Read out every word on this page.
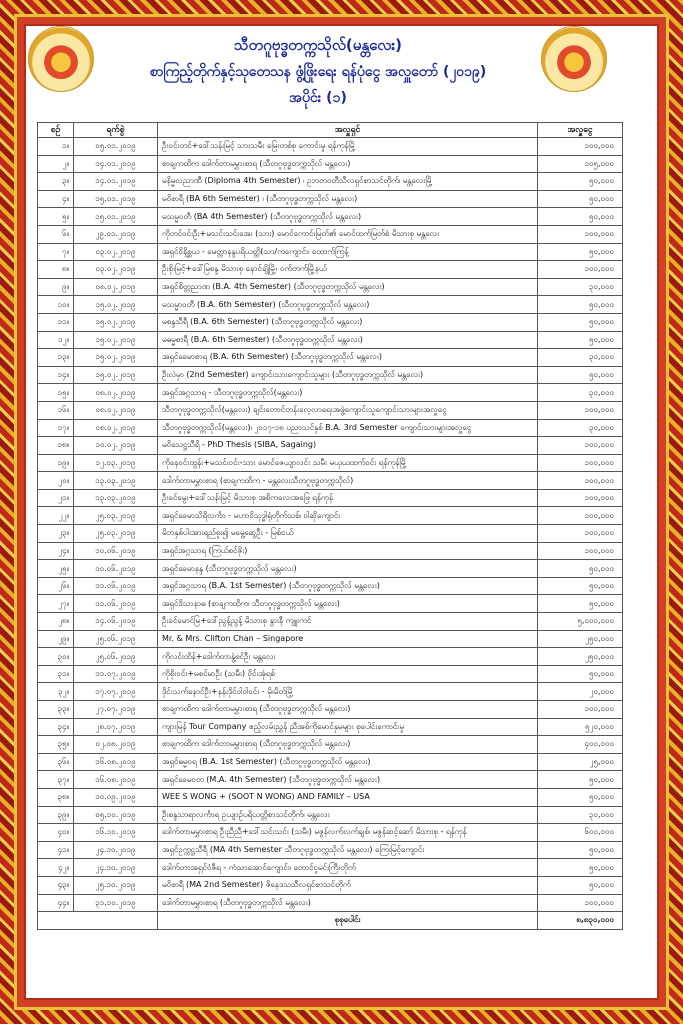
သီတဂူဗုဒ္ဓတက္ကသိုလ်(မန္တလေး)
စာကြည့်တိုက်နှင့်သုတေသန ဖွံ့ဖြိုးရေး ရန်ပုံငွေ အလှူတော် (၂၀၁၉)
အပိုင်း (၁)
စဉ်	ရက်စွဲ	အလှူရှင်	အလှူငွေ
၁။	၀၅.၀၁.၂၀၁၉	ဦးဝင်းတင်+ဒေါ်သန်းမြင့် သားသမီး မြေးတစ်စု ကောင်းမှု ရန်ကုန်မြို့	၁၀၀,၀၀၀
၂။	၁၄.၀၁.၂၀၁၉	စာချကထိက ဒေါက်တာမမွှားစာရ (သီတဂူဗုဒ္ဓတက္ကသိုလ် မန္တလေး)	၁၀၅,၀၀၀
၃။	၁၄.၀၁.၂၀၁၉	မနိမ္မလညာဏီ (Diploma 4th Semester) ၊ ဥဘတ၀တီသီလရှင်စာသင်တိုက်၊ မန္တလေးမြို့	၅၀,၀၀၀
၄။	၁၅.၀၁.၂၀၁၉	မဝိစာရီ (BA 6th Semester) ၊ (သီတဂူဗုဒ္ဓတက္ကသိုလ် မန္တလေး)	၅၀,၀၀၀
၅။	၁၅.၀၁.၂၀၁၉	မသမ္မဝတီ (BA 4th Semester) (သီတဂူဗုဒ္ဓတက္ကသိုလ် မန္တလေး)	၅၀,၀၀၀
၆။	၂၉.၀၁.၂၀၁၉	ကိုတင်ဝင်းဦး+မသင်းသင်းအေး (သား) မောင်ကောင်းမြတ်၏ မောင်ထက်မြတ်စံ မိသားစု မန္တလေး	၁၀၀,၀၀၀
၇။	၀၃.၀၂.၂၀၁၉	အရှင်ဝိနိစ္ဆယ - မေတ္တာနန္ဒပရိယတ္တိ(သာ/ကကျောင်း၊ ထောက်ကြန့်	၅၀,၀၀၀
၈။	၀၃.၀၂.၂၀၁၉	ဦးစိုးမြင့်+ဒေါ်မြစန္ဒ မိသားစု နောင်ချိုမြို့၊ ဝက်တက်မြို့နယ်	၁၀၀,၀၀၀
၉။	၀၈.၀၂.၂၀၁၉	အရှင်စိတ္တညာဏ (B.A. 4th Semester) (သီတဂူဗုဒ္ဓတက္ကသိုလ် မန္တလေး)	၃၀,၀၀၀
၁၀။	၁၅.၀၂.၂၀၁၉	မသမ္မာဝတီ (B.A. 6th Semester) (သီတဂူဗုဒ္ဓတက္ကသိုလ် မန္တလေး)	၅၀,၀၀၀
၁၁။	၁၅.၀၂.၂၀၁၉	မစန္ဒသီရီ (B.A. 6th Semester) (သီတဂူဗုဒ္ဓတက္ကသိုလ် မန္တလေး)	၅၀,၀၀၀
၁၂။	၁၅.၀၂.၂၀၁၉	မဓမ္မစာရီ (B.A. 6th Semester) (သီတဂူဗုဒ္ဓတက္ကသိုလ် မန္တလေး)	၅၀,၀၀၀
၁၃။	၁၅.၀၂.၂၀၁၉	အရှင်ခေမာစာရ (B.A. 6th Semester) (သီတဂူဗုဒ္ဓတက္ကသိုလ် မန္တလေး)	၃၀,၀၀၀
၁၄။	၁၅.၀၂.၂၀၁၉	ဦးလဲမှာ (2nd Semester) ကျောင်းသားကျောင်းသူများ (သီတဂူဗုဒ္ဓတက္ကသိုလ် မန္တလေး)	၅၀,၀၀၀
၁၅။	၀၈.၀၂.၂၀၁၉	အရှင်အဂ္ဂသာရ - သီတဂူဗုဒ္ဓတက္ကသိုလ်(မန္တလေး)	၃၀,၀၀၀
၁၆။	၀၈.၀၂.၂၀၁၉	သီတဂူဗုဒ္ဓတက္ကသိုလ်(မန္တလေး) ချင်းတောင်တန်းလေ့လာရေးအဖွဲ့ကျောင်းသူကျောင်းသားများအလှူငွေ	၁၀၀,၀၀၀
၁၇။	၀၈.၀၂.၂၀၁၉	သီတဂူဗုဒ္ဓတက္ကသိုလ်(မန္တလေး)၊ ၂၀၁၇-၁၈ ပညာသင်နှစ် B.A. 3rd Semester ကျောင်းသားများအလှူငွေ	၃၀,၀၀၀
၁၈။	၁၀.၀၂.၂၀၁၉	မဝိသေဋ္ဌသီရိ - PhD Thesis (SIBA, Sagaing)	၁၀၀,၀၀၀
၁၉။	၁၂.၀၃.၂၀၁၉	ကိုနေဝင်းထွန်း+မသင်းဝင်း-သား မောင်ဇေယျာလင်း သမီး မယုယထက်ဝင်း ရန်ကုန်မြို့	၁၀၀,၀၀၀
၂၀။	၁၃.၀၃.၂၀၁၉	ဒေါက်တာမမွှားစာရ (စာချကထိက - မန္တလေးသီတဂူဗုဒ္ဓတက္ကသိုလ်)	၁၀၀,၀၀၀
၂၁။	၁၃.၀၃.၂၀၁၉	ဦးခင်မွေး+ဒေါ်သန်းမြင့် မိသားစု အစိကလေးအဖြေ ရန်ကုန်	၁၀၀,၀၀၀
၂၂။	၂၅.၀၃.၂၀၁၉	အရှင်ခေမာသိရိလင်္ကာ - မဟာဝိသုဒ္ဓါရုံတိုက်သစ်၊ ဝါဆိုကျောင်း	၁၀၀,၀၀၀
၂၃။	၂၅.၀၃.၂၀၁၉	မိဘနှစ်ပါးအားရည်စူး၍ မမွေ့ဆွေဦး - မြစ်ငယ်	၁၀၀,၀၀၀
၂၄။	၁၀.၀၆.၂၀၁၉	အရှင်အဂ္ဂသာရ (ကြယ်စင်ဇိုး)	၁၀၀,၀၀၀
၂၅။	၁၀.၀၆.၂၀၁၉	အရှင်ခေမာနန္ဒ (သီတဂူဗုဒ္ဓတက္ကသိုလ် မန္တလေး)	၅၀,၀၀၀
၂၆။	၁၁.၀၆.၂၀၁၉	အရှင်အဂ္ဂသာရ (B.A. 1st Semester) (သီတဂူဗုဒ္ဓတက္ကသိုလ် မန္တလေး)	၅၀,၀၀၀
၂၇။	၁၁.၀၆.၂၀၁၉	အရှင်ဒိသာနာဓ (စာချကထိက၊ သီတဂူဗုဒ္ဓတက္ကသိုလ် မန္တလေး)	၅၀,၀၀၀
၂၈။	၁၄.၀၆.၂၀၁၉	ဦးခင်မောင်မြ+ဒေါ်ညွန့်ညွန့် မိသားစု နွားနီ ကျူးကင်	၅,၀၀၀,၀၀၀
၂၉။	၂၅.၀၆.၂၀၁၉	Mr. & Mrs. Clifton Chan – Singapore	၂၅၀,၀၀၀
၃၀။	၂၅.၀၆.၂၀၁၉	ကိုလင်းထိန်+ဒေါက်တာနွဲ့စင်ဦး မန္တလေး	၂၅၀,၀၀၀
၃၁။	၁၁.၀၇.၂၀၁၉	ကိုစိုးဝင်း+မစင်မာဦး (သမီး) ဝိုင်းအုံရစ်	၅၀,၀၀၀
၃၂။	၁၇.၀၇.၂၀၁၉	ဒိုင်းသက်နောင်ဦး+နန်းဒိုင်ဝါဝါဝင်း - မိုးမိတ်မြို့	၂၀,၀၀၀
၃၃။	၂၇.၀၇.၂၀၁၉	စာချကထိက ဒေါက်တာမမွှားစာရ (သီတဂူဗုဒ္ဓတက္ကသိုလ် မန္တလေး)	၁၀၀,၀၀၀
၃၄။	၂၈.၀၇.၂၀၁၉	ကျားမြန် Tour Company ဧည့်လမ်းညွှန် ညီအစ်ကိုမောင်နှမများ စုပေါင်းကောင်းမှု	၅၂၀,၀၀၀
၃၅။	၀၂.၀၈.၂၀၁၉	စာချကထိက ဒေါက်တာမမွှားစာရ (သီတဂူဗုဒ္ဓတက္ကသိုလ် မန္တလေး)	၄၀၀,၀၀၀
၃၆။	၁၆.၀၈.၂၀၁၉	အရှင်ဓမ္မဝရ (B.A. 1st Semester) (သီတဂူဗုဒ္ဓတက္ကသိုလ် မန္တလေး)	၂၅,၀၀၀
၃၇။	၁၆.၀၈.၂၀၁၉	အရှင်ခေမဝတ (M.A. 4th Semester) (သီတဂူဗုဒ္ဓတက္ကသိုလ် မန္တလေး)	၅၀,၀၀၀
၃၈။	၁၀.၀၉.၂၀၁၉	WEE S WONG + (SOOT N WONG) AND FAMILY – USA	၅၀,၀၀၀
၃၉။	၀၅.၁၀.၂၀၁၉	ဦးစန္ဒသာရာလင်္ကာရ ဥယျာဉ်ပရိယတ္တိစာသင်တိုက်၊ မန္တလေး	၃၀,၀၀၀
၄၀။	၁၆.၁၀.၂၀၁၉	ဒေါက်တာမမွှားစာရ ဦးညီညီ+ဒေါ်သင်းသင်း (သမီး) မဇွန်လက်လက်ချစ်၊ မဇွန်ဆင့်ဆော် မိသားစု - ရန်ကုန်	၆၀၀,၀၀၀
၄၁။	၂၄.၁၀.၂၀၁၉	အရှင်ဥက္ကဋ္ဌသီရီ (MA 4th Semester သီတဂူဗုဒ္ဓတက္ကသိုလ် မန္တလေး) ကြေးမြင့်ကျောင်း	၅၀,၀၀၀
၄၂။	၂၄.၁၀.၂၀၁၉	ဒေါက်တာအရှင်ဝံဇီရ - ကံသာအောင်ကျောင်း၊ တောင်ငူမင်းကြီးတိုက်	၅၀,၀၀၀
၄၃။	၂၅.၁၀.၂၀၁၉	မဝိစာရီ (MA 2nd Semester) ဇိနေဒသသီလရှင်စာသင်တိုက်	၅၀,၀၀၀
၄၄။	၃၁.၁၀.၂၀၁၉	ဒေါက်တာမမွှားစာရ (သီတဂူဗုဒ္ဓတက္ကသိုလ် မန္တလေး)	၁၀၀,၀၀၀
		စုစုပေါင်း	၈,၈၃၀,၀၀၀
